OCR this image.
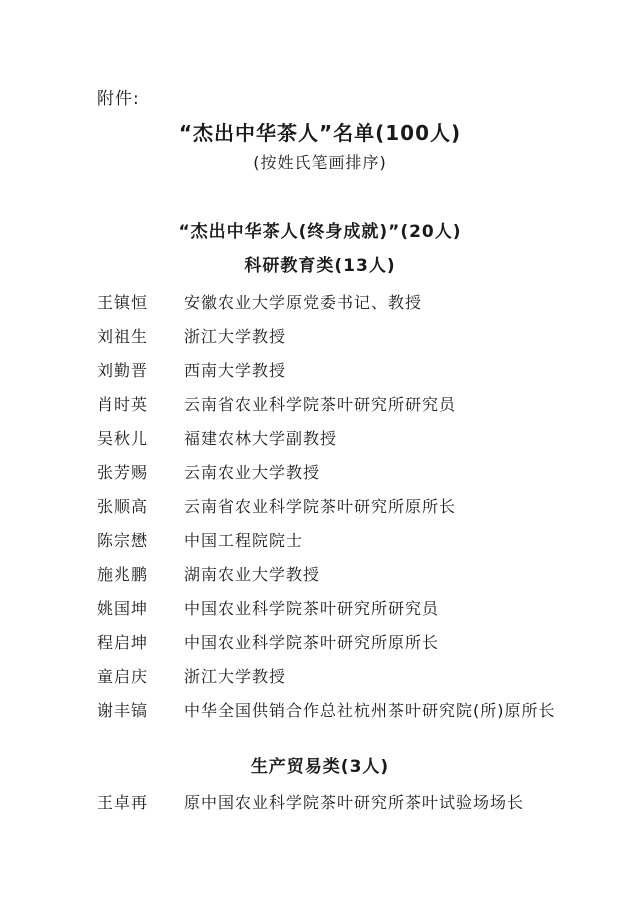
附件:
“杰出中华茶人”名单(100人)
(按姓氏笔画排序)
“杰出中华茶人(终身成就)”(20人)
科研教育类(13人)
王镇恒	安徽农业大学原党委书记、教授
刘祖生	浙江大学教授
刘勤晋	西南大学教授
肖时英	云南省农业科学院茶叶研究所研究员
吴秋儿	福建农林大学副教授
张芳赐	云南农业大学教授
张顺高	云南省农业科学院茶叶研究所原所长
陈宗懋	中国工程院院士
施兆鹏	湖南农业大学教授
姚国坤	中国农业科学院茶叶研究所研究员
程启坤	中国农业科学院茶叶研究所原所长
童启庆	浙江大学教授
谢丰镐	中华全国供销合作总社杭州茶叶研究院(所)原所长
生产贸易类(3人)
王卓再	原中国农业科学院茶叶研究所茶叶试验场场长
